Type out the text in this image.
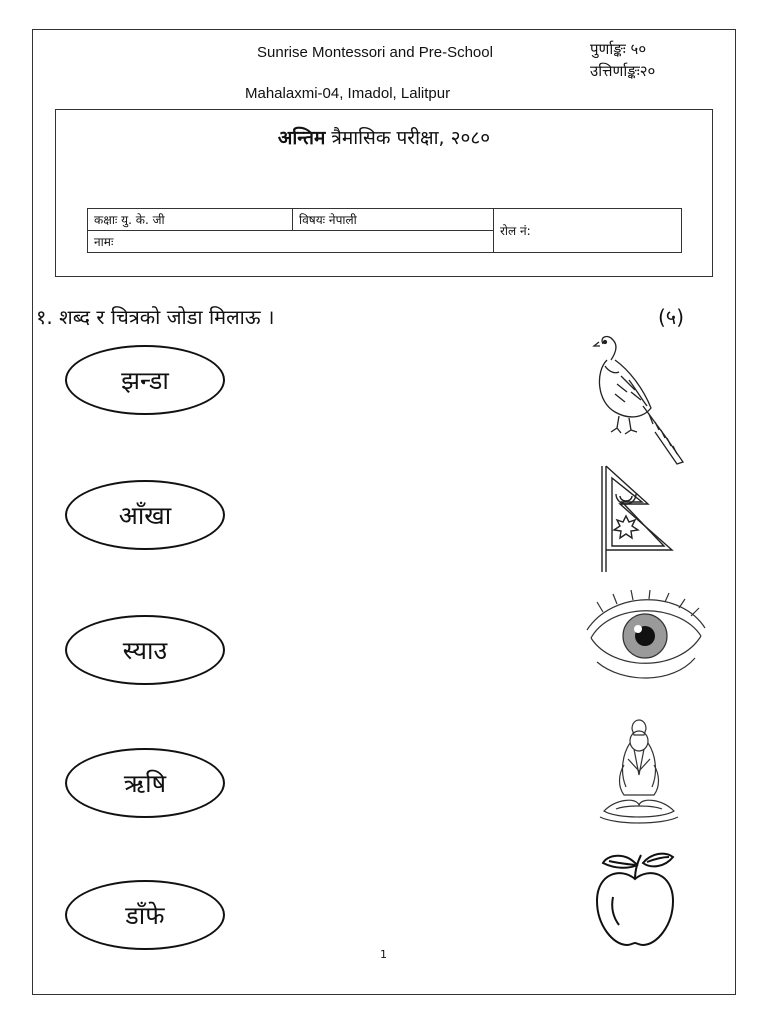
Sunrise Montessori and Pre-School
Mahalaxmi-04, Imadol, Lalitpur
पुर्णाङ्कः ५०
उत्तिर्णाङ्कः२०
अन्तिम त्रैमासिक परीक्षा, २०८०
कक्षाः यु. के. जी	विषयः नेपाली	रोल नं:
नामः
१. शब्द र चित्रको जोडा मिलाऊ ।	(५)
झन्डा
आँखा
स्याउ
ऋषि
डाँफे
1
